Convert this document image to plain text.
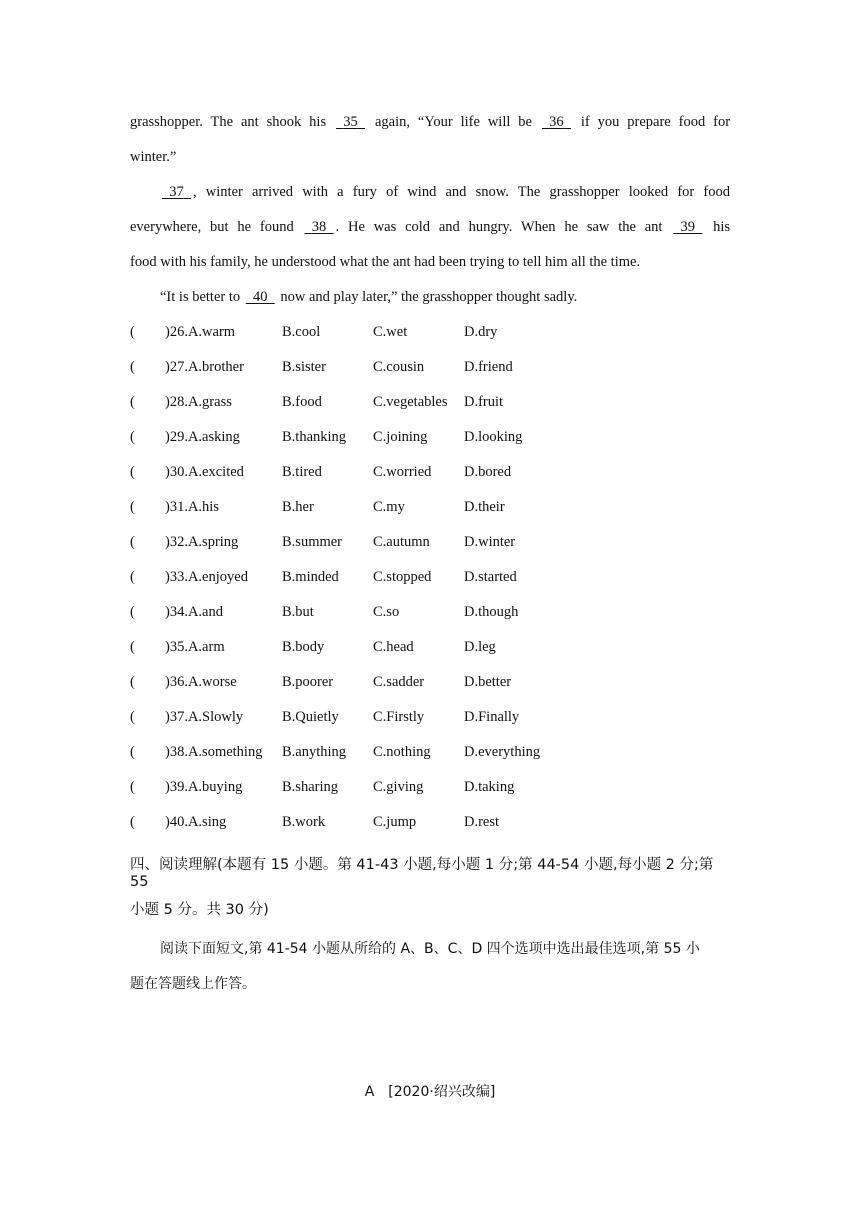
grasshopper. The ant shook his 35 again, “Your life will be 36 if you prepare food for
winter.”
37 , winter arrived with a fury of wind and snow. The grasshopper looked for food
everywhere, but he found 38 . He was cold and hungry. When he saw the ant 39 his
food with his family, he understood what the ant had been trying to tell him all the time.
“It is better to 40 now and play later,” the grasshopper thought sadly.
( )26.A.warm	B.cool	C.wet	D.dry
( )27.A.brother	B.sister	C.cousin	D.friend
( )28.A.grass	B.food	C.vegetables D.fruit
( )29.A.asking	B.thanking C.joining	D.looking
( )30.A.excited	B.tired	C.worried D.bored
( )31.A.his	B.her	C.my	D.their
( )32.A.spring	B.summer C.autumn D.winter
( )33.A.enjoyed B.minded C.stopped D.started
( )34.A.and	B.but	C.so	D.though
( )35.A.arm	B.body	C.head	D.leg
( )36.A.worse	B.poorer	C.sadder	D.better
( )37.A.Slowly	B.Quietly C.Firstly	D.Finally
( )38.A.something B.anything C.nothing D.everything
( )39.A.buying	B.sharing C.giving	D.taking
( )40.A.sing	B.work	C.jump	D.rest
四、阅读理解(本题有 15 小题。第 41-43 小题,每小题 1 分;第 44-54 小题,每小题 2 分;第 55
小题 5 分。共 30 分)
阅读下面短文,第 41-54 小题从所给的 A、B、C、D 四个选项中选出最佳选项,第 55 小
题在答题线上作答。
A [2020·绍兴改编]
